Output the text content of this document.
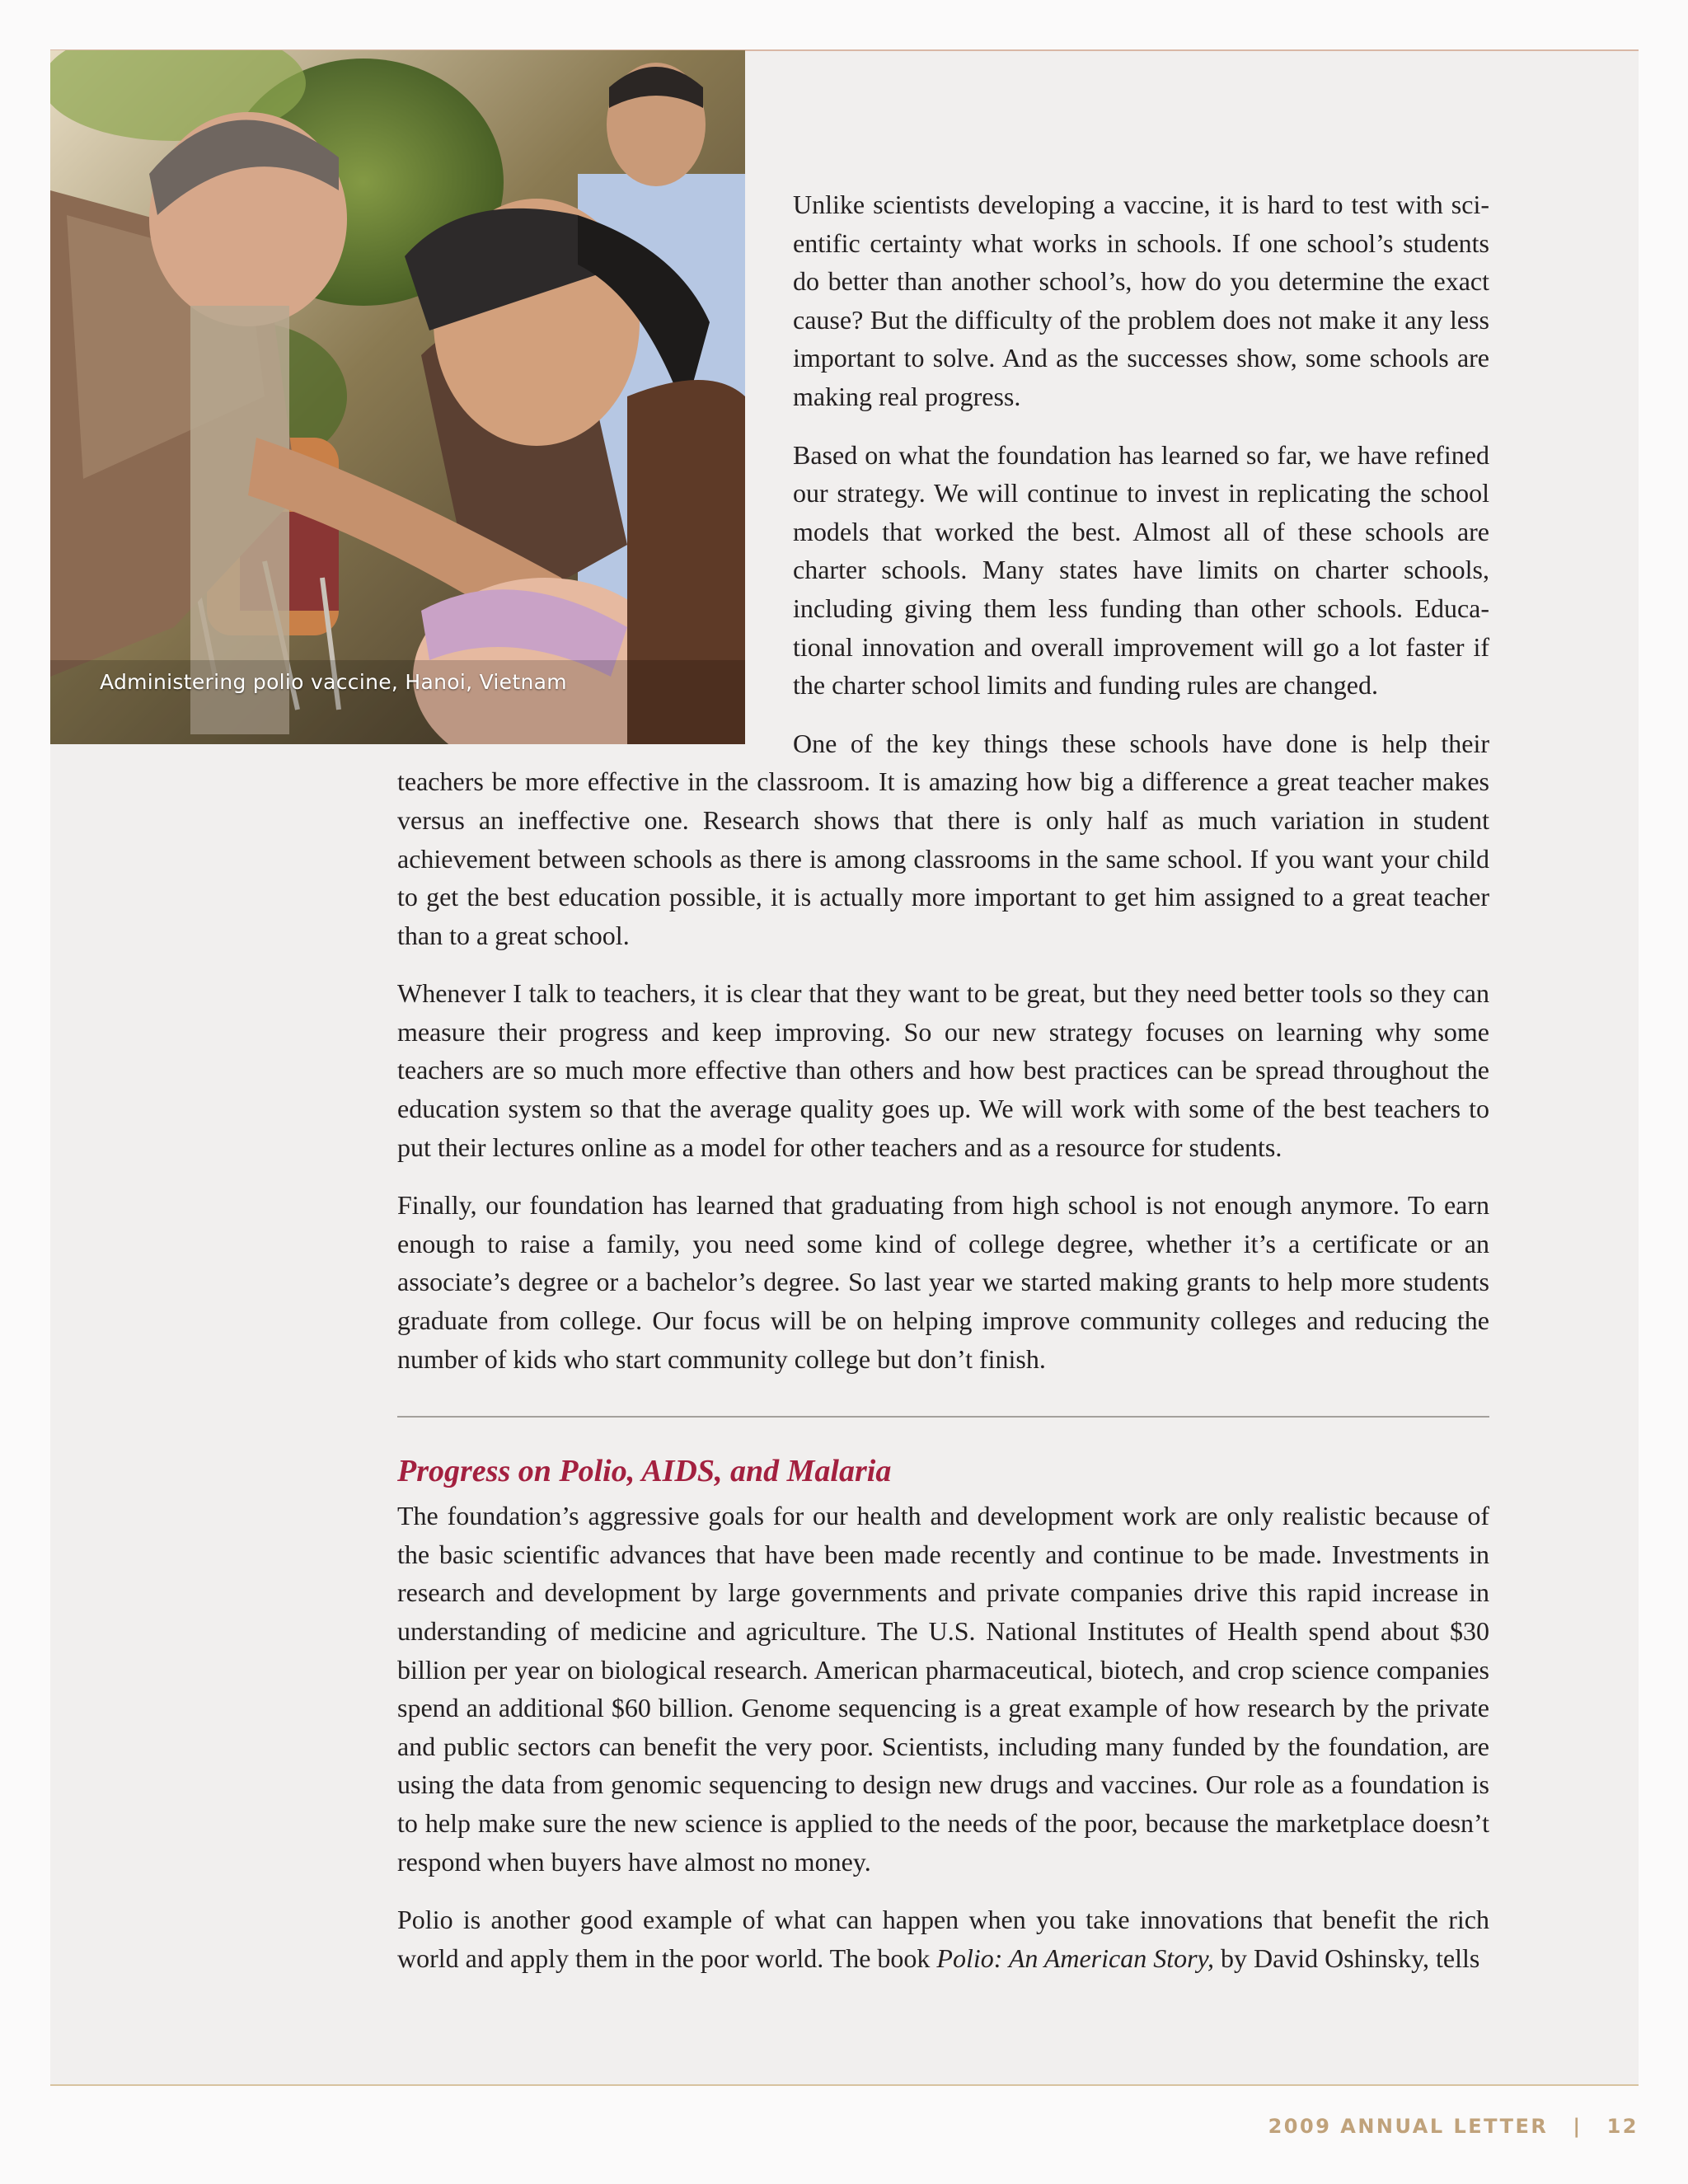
Administering polio vaccine, Hanoi, Vietnam

Unlike scientists developing a vaccine, it is hard to test with scientific certainty what works in schools. If one school’s students do better than another school’s, how do you determine the exact cause? But the difficulty of the problem does not make it any less important to solve. And as the successes show, some schools are making real progress.

Based on what the foundation has learned so far, we have refined our strategy. We will continue to invest in replicating the school models that worked the best. Almost all of these schools are charter schools. Many states have limits on charter schools, including giving them less funding than other schools. Educational innovation and overall improvement will go a lot faster if the charter school limits and funding rules are changed.

One of the key things these schools have done is help their teachers be more effective in the classroom. It is amazing how big a difference a great teacher makes versus an ineffective one. Research shows that there is only half as much variation in student achievement between schools as there is among classrooms in the same school. If you want your child to get the best education possible, it is actually more important to get him assigned to a great teacher than to a great school.

Whenever I talk to teachers, it is clear that they want to be great, but they need better tools so they can measure their progress and keep improving. So our new strategy focuses on learning why some teachers are so much more effective than others and how best practices can be spread throughout the education system so that the average quality goes up. We will work with some of the best teachers to put their lectures online as a model for other teachers and as a resource for students.

Finally, our foundation has learned that graduating from high school is not enough anymore. To earn enough to raise a family, you need some kind of college degree, whether it’s a certificate or an associate’s degree or a bachelor’s degree. So last year we started making grants to help more students graduate from college. Our focus will be on helping improve community colleges and reducing the number of kids who start community college but don’t finish.

Progress on Polio, AIDS, and Malaria

The foundation’s aggressive goals for our health and development work are only realistic because of the basic scientific advances that have been made recently and continue to be made. Investments in research and development by large governments and private companies drive this rapid increase in understanding of medicine and agriculture. The U.S. National Institutes of Health spend about $30 billion per year on biological research. American pharmaceutical, biotech, and crop science companies spend an additional $60 billion. Genome sequencing is a great example of how research by the private and public sectors can benefit the very poor. Scientists, including many funded by the foundation, are using the data from genomic sequencing to design new drugs and vaccines. Our role as a foundation is to help make sure the new science is applied to the needs of the poor, because the marketplace doesn’t respond when buyers have almost no money.

Polio is another good example of what can happen when you take innovations that benefit the rich world and apply them in the poor world. The book Polio: An American Story, by David Oshinsky, tells

2009 ANNUAL LETTER | 12
